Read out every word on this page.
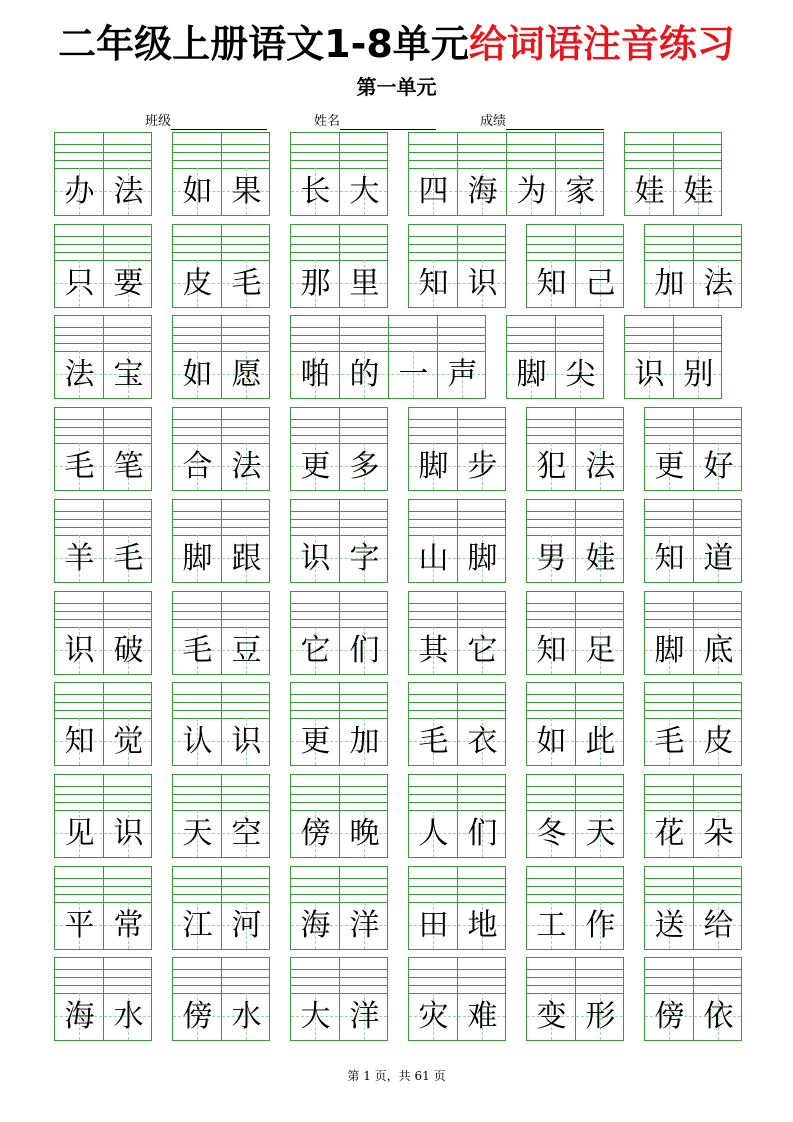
二年级上册语文1-8单元给词语注音练习
第一单元
班级	姓名	成绩
办 法	如 果	长 大	四 海 为 家	娃 娃
只 要	皮 毛	那 里	知 识	知 己	加 法
法 宝	如 愿	啪 的 一 声	脚 尖	识 别
毛 笔	合 法	更 多	脚 步	犯 法	更 好
羊 毛	脚 跟	识 字	山 脚	男 娃	知 道
识 破	毛 豆	它 们	其 它	知 足	脚 底
知 觉	认 识	更 加	毛 衣	如 此	毛 皮
见 识	天 空	傍 晚	人 们	冬 天	花 朵
平 常	江 河	海 洋	田 地	工 作	送 给
海 水	傍 水	大 洋	灾 难	变 形	傍 依
第 1 页，共 61 页
